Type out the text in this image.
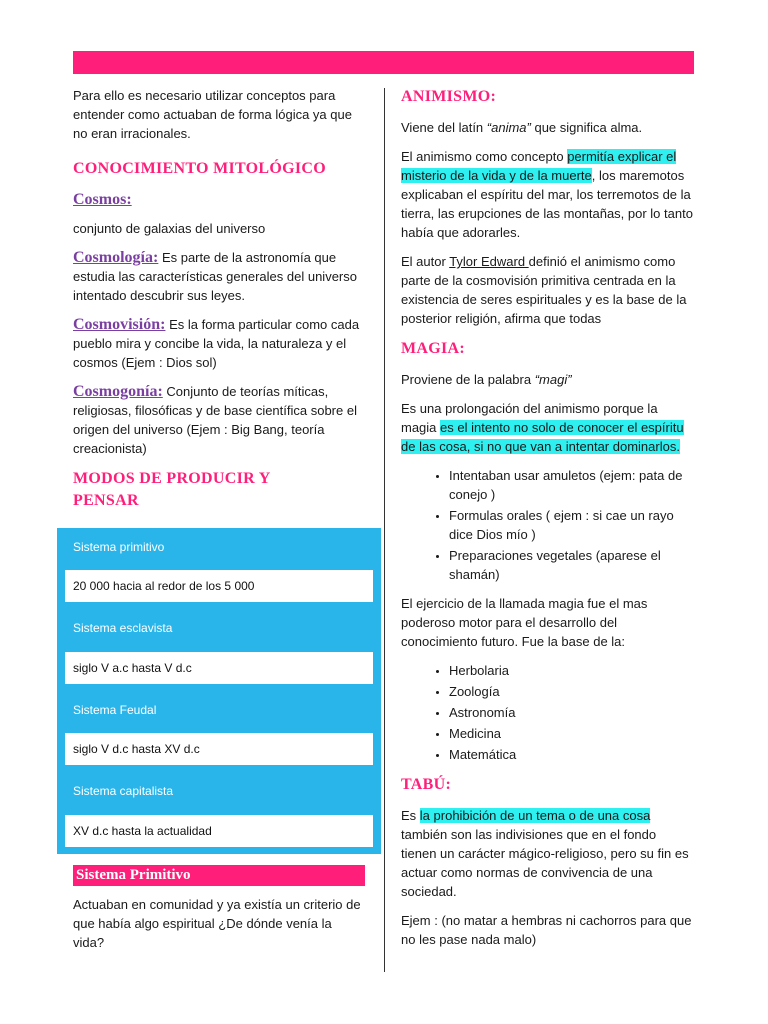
Para ello es necesario utilizar conceptos para entender como actuaban de forma lógica ya que no eran irracionales.

CONOCIMIENTO MITOLÓGICO
Cosmos:
conjunto de galaxias del universo
Cosmología: Es parte de la astronomía que estudia las características generales del universo intentado descubrir sus leyes.
Cosmovisión: Es la forma particular como cada pueblo mira y concibe la vida, la naturaleza y el cosmos (Ejem : Dios sol)
Cosmogonía: Conjunto de teorías míticas, religiosas, filosóficas y de base científica sobre el origen del universo (Ejem : Big Bang, teoría creacionista)
MODOS DE PRODUCIR Y PENSAR
Sistema primitivo
20 000 hacia al redor de los 5 000
Sistema esclavista
siglo V a.c hasta V d.c
Sistema Feudal
siglo V d.c hasta XV d.c
Sistema capitalista
XV d.c hasta la actualidad
Sistema Primitivo
Actuaban en comunidad y ya existía un criterio de que había algo espiritual ¿De dónde venía la vida?
ANIMISMO:

Viene del latín “anima” que significa alma.

El animismo como concepto permitía explicar el misterio de la vida y de la muerte, los maremotos explicaban el espíritu del mar, los terremotos de la tierra, las erupciones de las montañas, por lo tanto había que adorarles.

El autor Tylor Edward definió el animismo como parte de la cosmovisión primitiva centrada en la existencia de seres espirituales y es la base de la posterior religión, afirma que todas

MAGIA:

Proviene de la palabra “magi”

Es una prolongación del animismo porque la magia es el intento no solo de conocer el espíritu de las cosa, si no que van a intentar dominarlos.

• Intentaban usar amuletos (ejem: pata de conejo )
• Formulas orales ( ejem : si cae un rayo dice Dios mío )
• Preparaciones vegetales (aparese el shamán)

El ejercicio de la llamada magia fue el mas poderoso motor para el desarrollo del conocimiento futuro. Fue la base de la:

• Herbolaria
• Zoología
• Astronomía
• Medicina
• Matemática
TABÚ:

Es la prohibición de un tema o de una cosa también son las indivisiones que en el fondo tienen un carácter mágico-religioso, pero su fin es actuar como normas de convivencia de una sociedad.

Ejem : (no matar a hembras ni cachorros para que no les pase nada malo)
